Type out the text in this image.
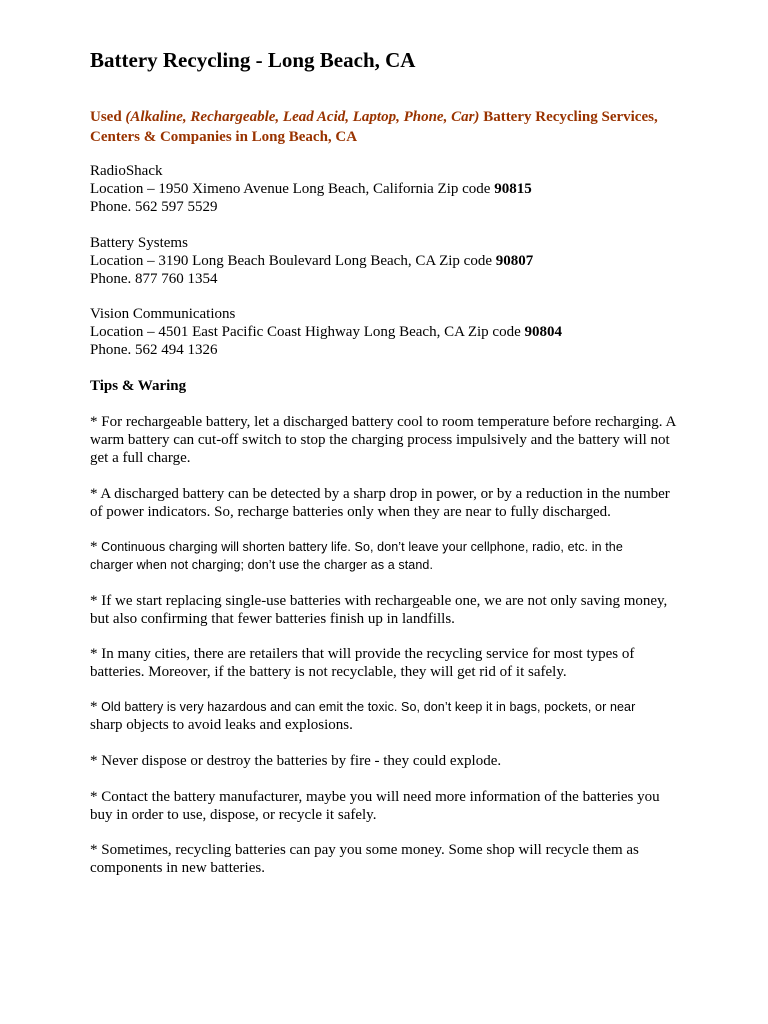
Battery Recycling - Long Beach, CA

Used (Alkaline, Rechargeable, Lead Acid, Laptop, Phone, Car) Battery Recycling Services, Centers & Companies in Long Beach, CA

RadioShack
Location – 1950 Ximeno Avenue Long Beach, California Zip code 90815
Phone. 562 597 5529
Battery Systems
Location – 3190 Long Beach Boulevard Long Beach, CA Zip code 90807
Phone. 877 760 1354
Vision Communications
Location – 4501 East Pacific Coast Highway Long Beach, CA Zip code 90804
Phone. 562 494 1326
Tips & Waring

* For rechargeable battery, let a discharged battery cool to room temperature before recharging. A warm battery can cut-off switch to stop the charging process impulsively and the battery will not get a full charge.

* A discharged battery can be detected by a sharp drop in power, or by a reduction in the number of power indicators. So, recharge batteries only when they are near to fully discharged.

* Continuous charging will shorten battery life. So, don’t leave your cellphone, radio, etc. in the
charger when not charging; don’t use the charger as a stand.

* If we start replacing single-use batteries with rechargeable one, we are not only saving money, but also confirming that fewer batteries finish up in landfills.

* In many cities, there are retailers that will provide the recycling service for most types of batteries. Moreover, if the battery is not recyclable, they will get rid of it safely.

* Old battery is very hazardous and can emit the toxic. So, don’t keep it in bags, pockets, or near
sharp objects to avoid leaks and explosions.

* Never dispose or destroy the batteries by fire - they could explode.

* Contact the battery manufacturer, maybe you will need more information of the batteries you buy in order to use, dispose, or recycle it safely.

* Sometimes, recycling batteries can pay you some money. Some shop will recycle them as components in new batteries.
